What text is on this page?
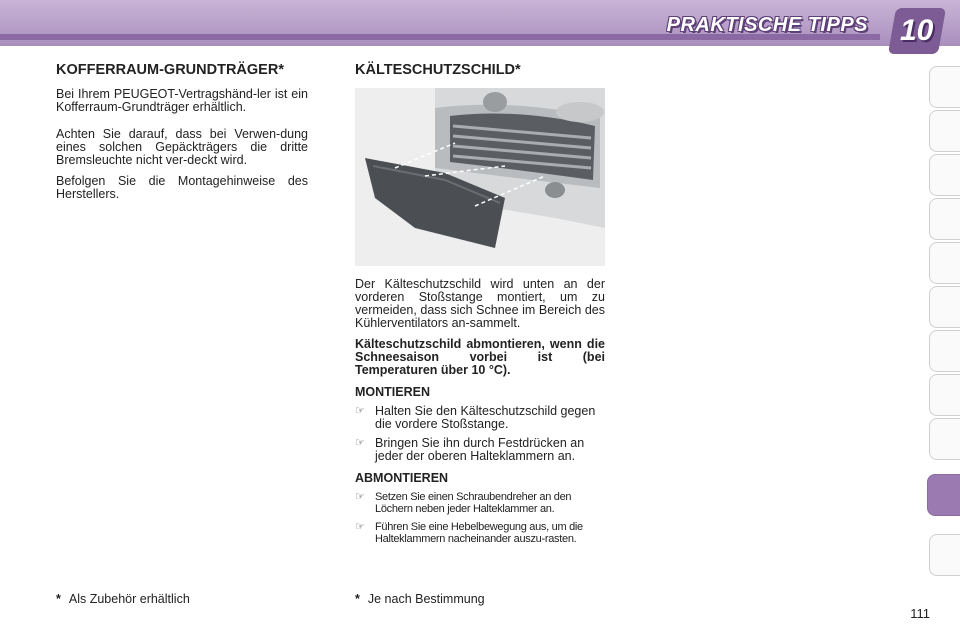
PRAKTISCHE TIPPS 10
KOFFERRAUM-GRUNDTRÄGER*

Bei Ihrem PEUGEOT-Vertragshänd-ler ist ein Kofferraum-Grundträger erhältlich.

Achten Sie darauf, dass bei Verwen-dung eines solchen Gepäckträgers die dritte Bremsleuchte nicht ver-deckt wird.

Befolgen Sie die Montagehinweise des Herstellers.

KÄLTESCHUTZSCHILD*

Der Kälteschutzschild wird unten an der vorderen Stoßstange montiert, um zu vermeiden, dass sich Schnee im Bereich des Kühlerventilators an-sammelt.

Kälteschutzschild abmontieren, wenn die Schneesaison vorbei ist (bei Temperaturen über 10 °C).

MONTIEREN
☞ Halten Sie den Kälteschutzschild gegen die vordere Stoßstange.
☞ Bringen Sie ihn durch Festdrücken an jeder der oberen Halteklammern an.
ABMONTIEREN
☞ Setzen Sie einen Schraubendreher an den Löchern neben jeder Halteklammer an.
☞ Führen Sie eine Hebelbewegung aus, um die Halteklammern nacheinander auszu-rasten.
* Als Zubehör erhältlich	* Je nach Bestimmung
111
